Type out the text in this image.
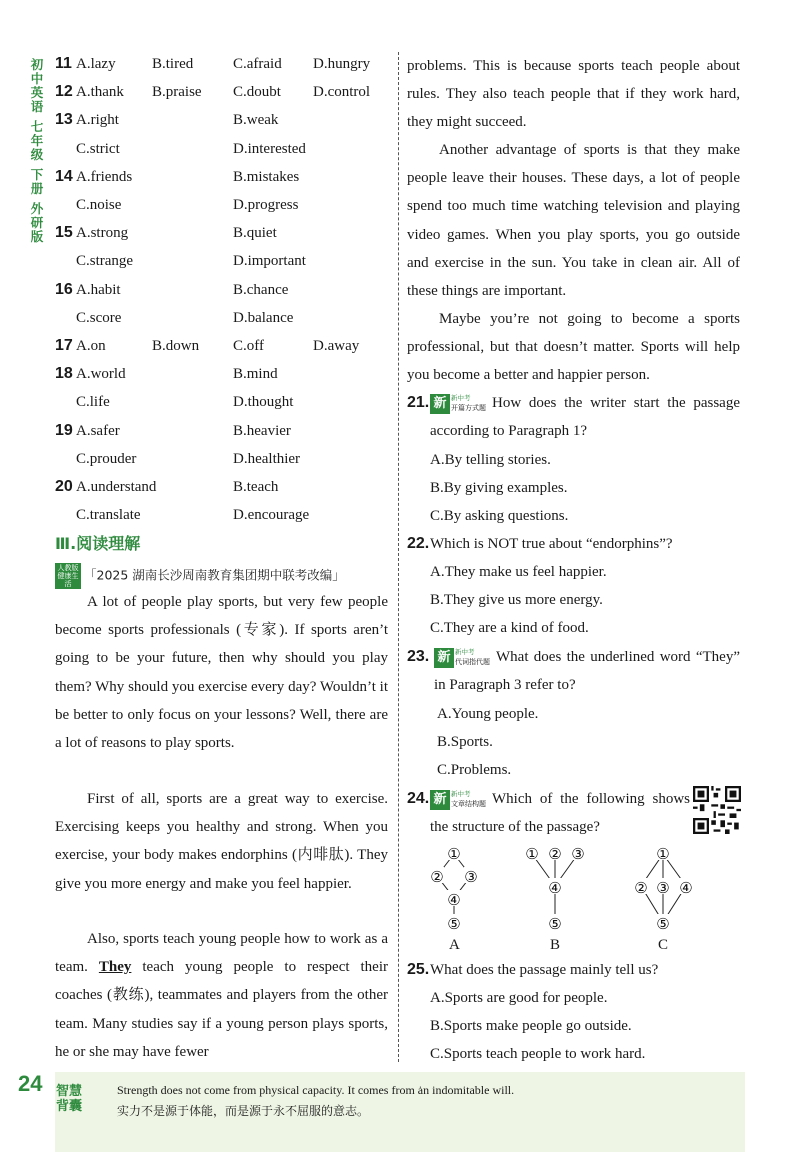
初中英语
七年级
下册
外研版
11 A.lazy B.tired	C.afraid D.hungry
12 A.thank B.praise C.doubt D.control
13 A.right	B.weak
C.strict	D.interested
14 A.friends	B.mistakes
C.noise	D.progress
15 A.strong	B.quiet
C.strange	D.important
16 A.habit	B.chance
C.score	D.balance
17 A.on	B.down C.off	D.away
18 A.world	B.mind
C.life	D.thought
19 A.safer	B.heavier
C.prouder	D.healthier
20 A.understand	B.teach
C.translate	D.encourage
Ⅲ.阅读理解
人教版健康生活「2025 湖南长沙周南教育集团期中联考改编」

A lot of people play sports, but very few people become sports professionals (专家). If sports aren’t going to be your future, then why should you play them? Why should you exercise every day? Wouldn’t it be better to only focus on your lessons? Well, there are a lot of reasons to play sports.

First of all, sports are a great way to exercise. Exercising keeps you healthy and strong. When you exercise, your body makes endorphins (内啡肽). They give you more energy and make you feel happier.

Also, sports teach young people how to work as a team. They teach young people to respect their coaches (教练), teammates and players from the other team. Many studies say if a young person plays sports, he or she may have fewer

problems. This is because sports teach people about rules. They also teach people that if they work hard, they might succeed.

Another advantage of sports is that they make people leave their houses. These days, a lot of people spend too much time watching television and playing video games. When you play sports, you go outside and exercise in the sun. You take in clean air. All of these things are important.

Maybe you’re not going to become a sports professional, but that doesn’t matter. Sports will help you become a better and happier person.

21. 新 新中考
开篇方式题 How does the writer start the passage according to Paragraph 1?
A.By telling stories.
B.By giving examples.
C.By asking questions.
22. Which is NOT true about “endorphins”?
A.They make us feel happier.
B.They give us more energy.
C.They are a kind of food.
23. 新 新中考
代词指代题 What does the underlined word “They” in Paragraph 3 refer to?
A.Young people.
B.Sports.
C.Problems.
24. 新 新中考
文章结构题 Which of the following shows the structure of the passage?
①
② ③
④
⑤
① ② ③
④
⑤
①
② ③ ④
⑤
A	B	C
25. What does the passage mainly tell us?
A.Sports are good for people.
B.Sports make people go outside.
C.Sports teach people to work hard.
24 智慧背囊
Strength does not come from physical capacity. It comes from ȧn indomitable will.
实力不是源于体能，而是源于永不屈服的意志。
